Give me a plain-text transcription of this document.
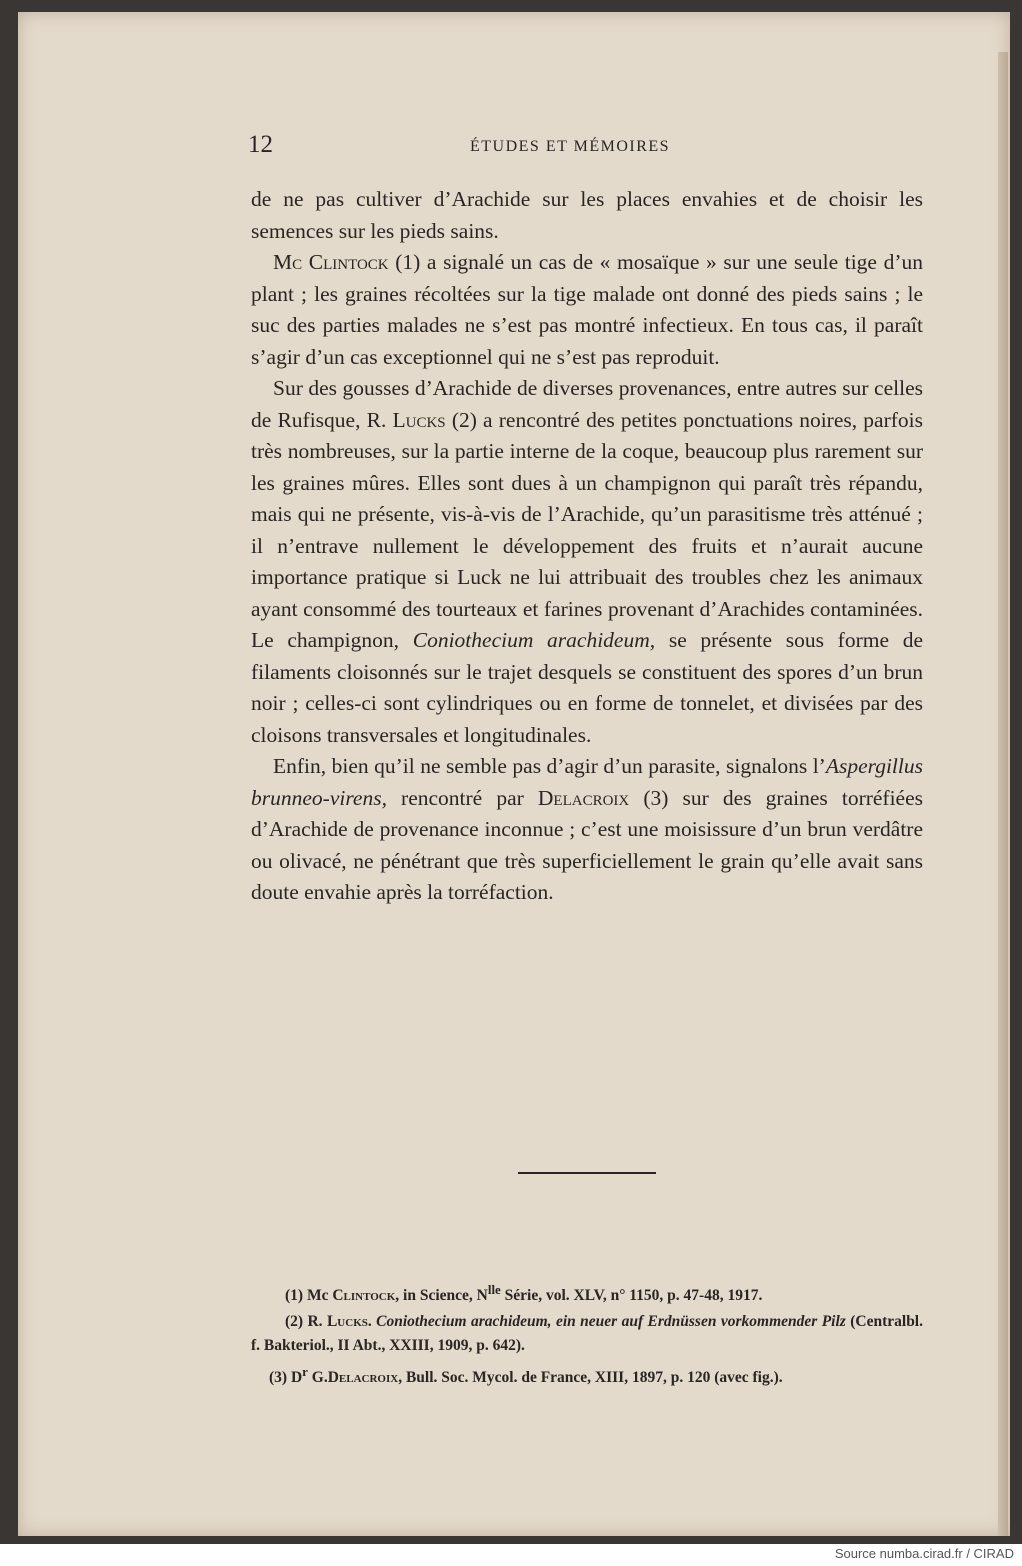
12	ÉTUDES ET MÉMOIRES

de ne pas cultiver d’Arachide sur les places envahies et de choisir les semences sur les pieds sains.

Mc Clintock (1) a signalé un cas de « mosaïque » sur une seule tige d’un plant ; les graines récoltées sur la tige malade ont donné des pieds sains ; le suc des parties malades ne s’est pas montré infectieux. En tous cas, il paraît s’agir d’un cas exceptionnel qui ne s’est pas reproduit.

Sur des gousses d’Arachide de diverses provenances, entre autres sur celles de Rufisque, R. Lucks (2) a rencontré des petites ponctuations noires, parfois très nombreuses, sur la partie interne de la coque, beaucoup plus rarement sur les graines mûres. Elles sont dues à un champignon qui paraît très répandu, mais qui ne présente, vis-à-vis de l’Arachide, qu’un parasitisme très atténué ; il n’entrave nullement le développement des fruits et n’aurait aucune importance pratique si Luck ne lui attribuait des troubles chez les animaux ayant consommé des tourteaux et farines provenant d’Arachides contaminées. Le champignon, Coniothecium arachideum, se présente sous forme de filaments cloisonnés sur le trajet desquels se constituent des spores d’un brun noir ; celles-ci sont cylindriques ou en forme de tonnelet, et divisées par des cloisons transversales et longitudinales.

Enfin, bien qu’il ne semble pas d’agir d’un parasite, signalons l’Aspergillus brunneo-virens, rencontré par Delacroix (3) sur des graines torréfiées d’Arachide de provenance inconnue ; c’est une moisissure d’un brun verdâtre ou olivacé, ne pénétrant que très superficiellement le grain qu’elle avait sans doute envahie après la torréfaction.

(1) Mc Clintock, in Science, $N^{lle}$ Série, vol. XLV, n° 1150, p. 47-48, 1917.

(2) R. Lucks. Coniothecium arachideum, ein neuer auf Erdnüssen vorkommender Pilz (Centralbl. f. Bakteriol., II Abt., XXIII, 1909, p. 642).

(3) $D^r$ G.Delacroix, Bull. Soc. Mycol. de France, XIII, 1897, p. 120 (avec fig.).

Source numba.cirad.fr / CIRAD
